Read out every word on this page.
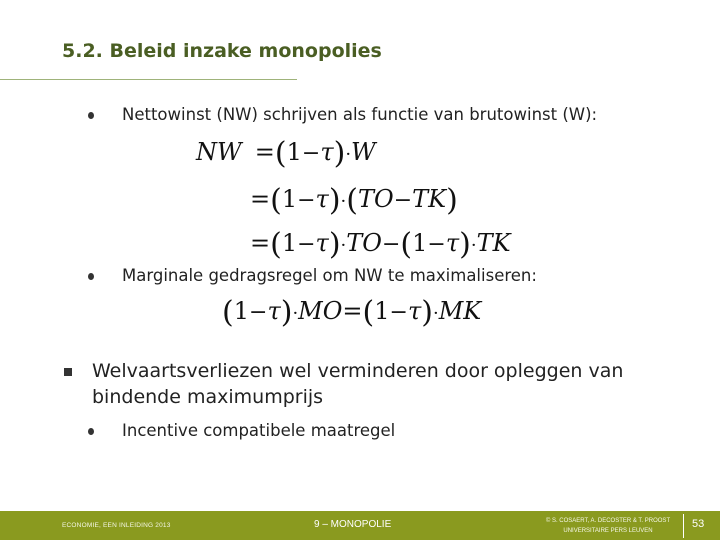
5.2. Beleid inzake monopolies
Nettowinst (NW) schrijven als functie van brutowinst (W):
NW =(1−τ)·W
=(1−τ)·(TO−TK)
=(1−τ)·TO−(1−τ)·TK
Marginale gedragsregel om NW te maximaliseren:
(1−τ)·MO=(1−τ)·MK
Welvaartsverliezen wel verminderen door opleggen van bindende maximumprijs
Incentive compatibele maatregel
ECONOMIE, EEN INLEIDING 2013	9 – MONOPOLIE	© S. COSAERT, A. DECOSTER & T. PROOST
UNIVERSITAIRE PERS LEUVEN
53
